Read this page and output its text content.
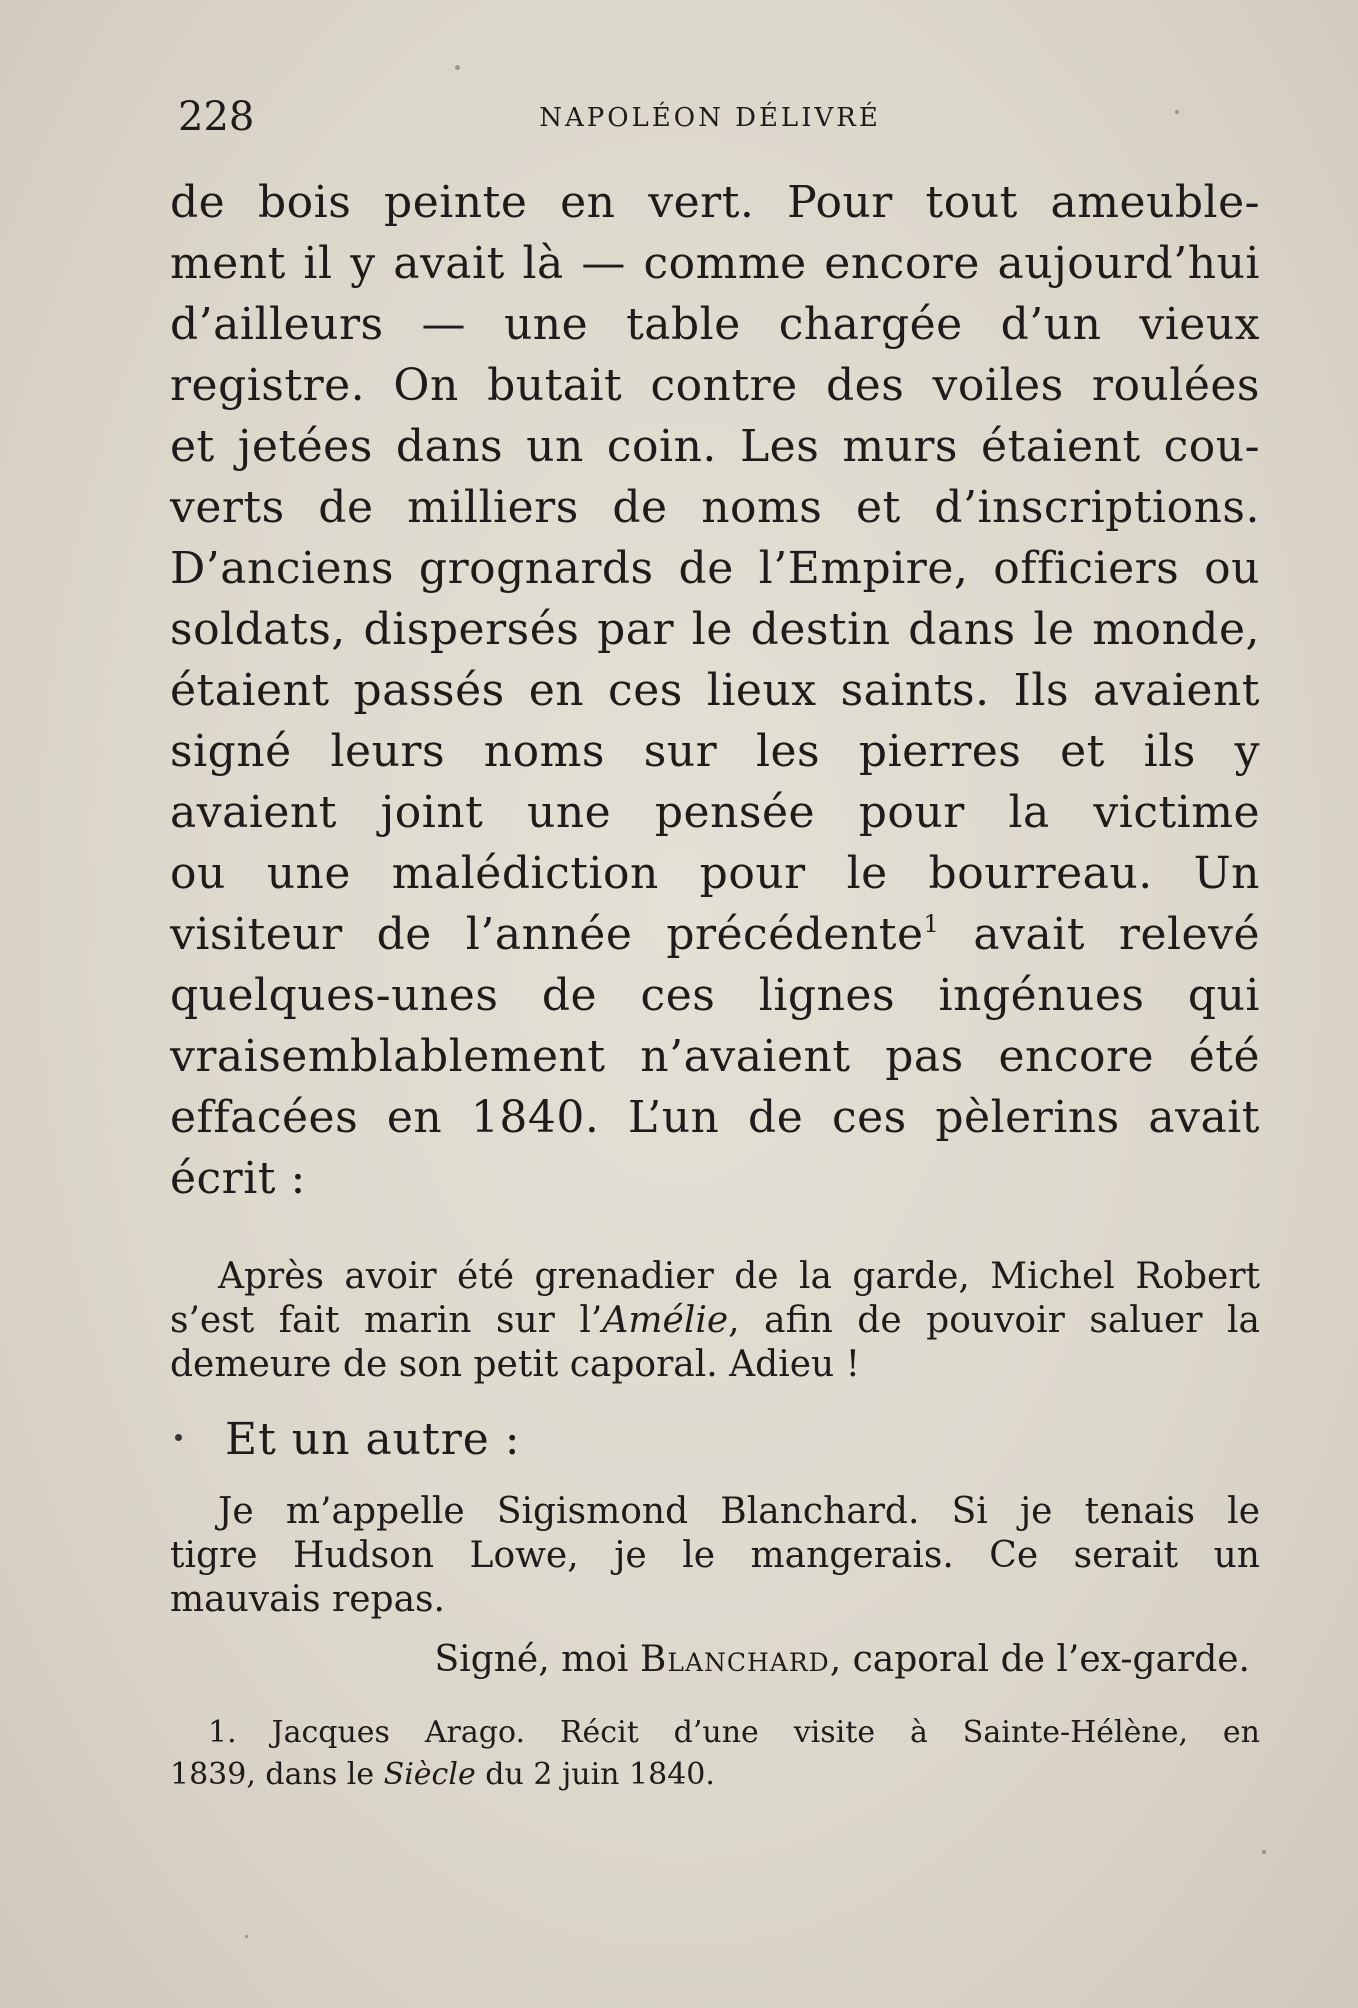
228	NAPOLÉON DÉLIVRÉ
de bois peinte en vert. Pour tout ameuble-
ment il y avait là — comme encore aujourd’hui
d’ailleurs — une table chargée d’un vieux
registre. On butait contre des voiles roulées
et jetées dans un coin. Les murs étaient cou-
verts de milliers de noms et d’inscriptions.
D’anciens grognards de l’Empire, officiers ou
soldats, dispersés par le destin dans le monde,
étaient passés en ces lieux saints. Ils avaient
signé leurs noms sur les pierres et ils y
avaient joint une pensée pour la victime
ou une malédiction pour le bourreau. Un
visiteur de l’année précédente$^1$ avait relevé
quelques-unes de ces lignes ingénues qui
vraisemblablement n’avaient pas encore été
effacées en 1840. L’un de ces pèlerins avait
écrit :
Après avoir été grenadier de la garde, Michel Robert
s’est fait marin sur l’Amélie, afin de pouvoir saluer la
demeure de son petit caporal. Adieu !
Et un autre :
Je m’appelle Sigismond Blanchard. Si je tenais le
tigre Hudson Lowe, je le mangerais. Ce serait un
mauvais repas.
Signé, moi Blanchard, caporal de l’ex-garde.
1. Jacques Arago. Récit d’une visite à Sainte-Hélène, en
1839, dans le Siècle du 2 juin 1840.
